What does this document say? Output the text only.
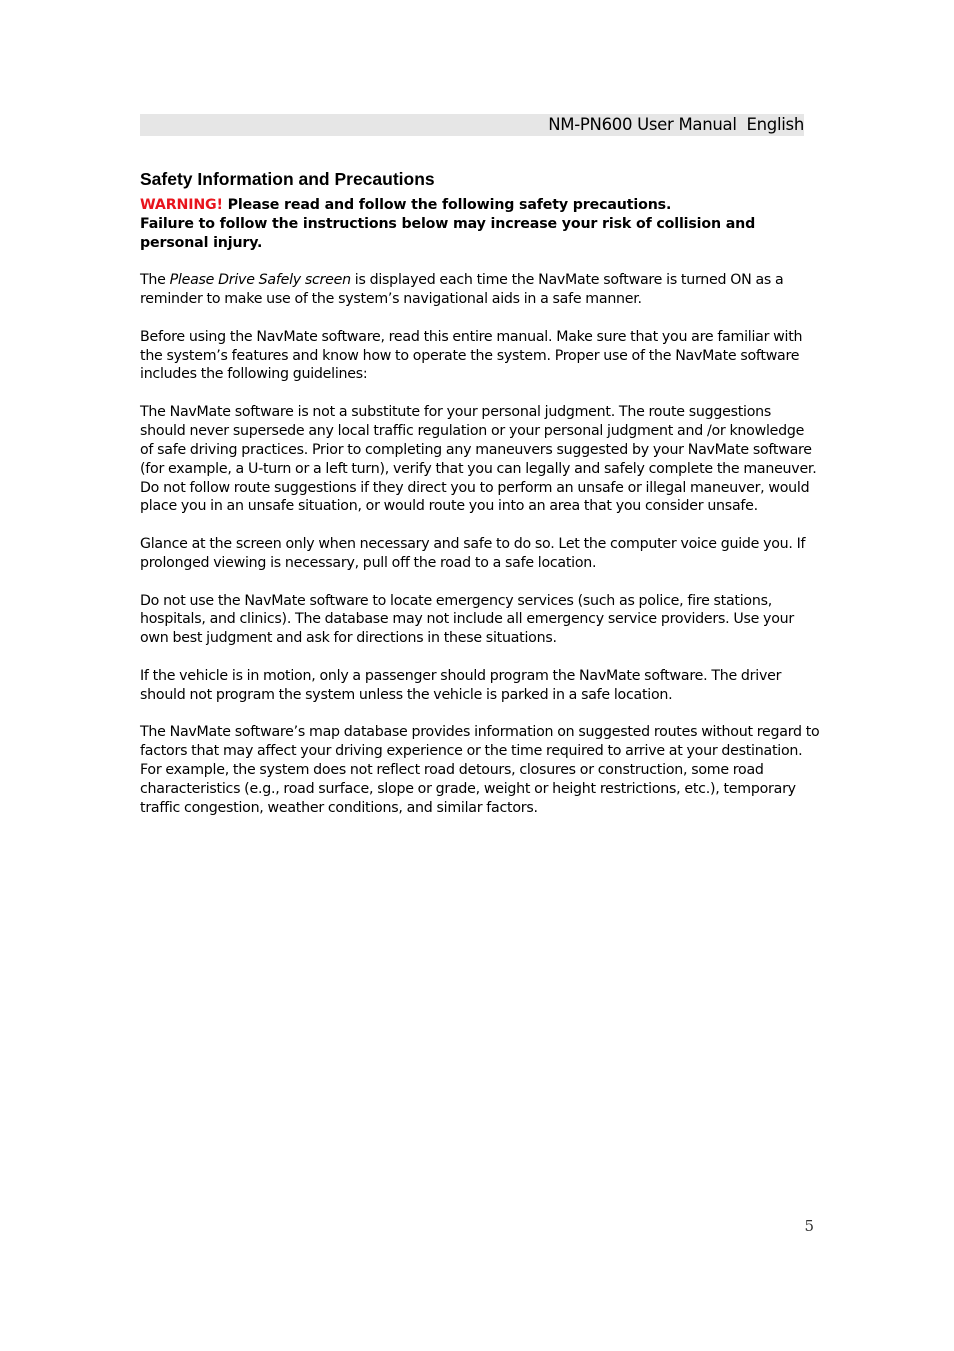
NM-PN600 User Manual  English
Safety Information and Precautions

WARNING! Please read and follow the following safety precautions.
Failure to follow the instructions below may increase your risk of collision and personal injury.

The Please Drive Safely screen is displayed each time the NavMate software is turned ON as a reminder to make use of the system’s navigational aids in a safe manner.

Before using the NavMate software, read this entire manual. Make sure that you are familiar with the system’s features and know how to operate the system. Proper use of the NavMate software includes the following guidelines:

The NavMate software is not a substitute for your personal judgment. The route suggestions should never supersede any local traffic regulation or your personal judgment and /or knowledge of safe driving practices. Prior to completing any maneuvers suggested by your NavMate software (for example, a U-turn or a left turn), verify that you can legally and safely complete the maneuver. Do not follow route suggestions if they direct you to perform an unsafe or illegal maneuver, would place you in an unsafe situation, or would route you into an area that you consider unsafe.

Glance at the screen only when necessary and safe to do so. Let the computer voice guide you. If prolonged viewing is necessary, pull off the road to a safe location.

Do not use the NavMate software to locate emergency services (such as police, fire stations, hospitals, and clinics). The database may not include all emergency service providers. Use your own best judgment and ask for directions in these situations.

If the vehicle is in motion, only a passenger should program the NavMate software. The driver should not program the system unless the vehicle is parked in a safe location.

The NavMate software’s map database provides information on suggested routes without regard to factors that may affect your driving experience or the time required to arrive at your destination. For example, the system does not reflect road detours, closures or construction, some road characteristics (e.g., road surface, slope or grade, weight or height restrictions, etc.), temporary traffic congestion, weather conditions, and similar factors.

5
